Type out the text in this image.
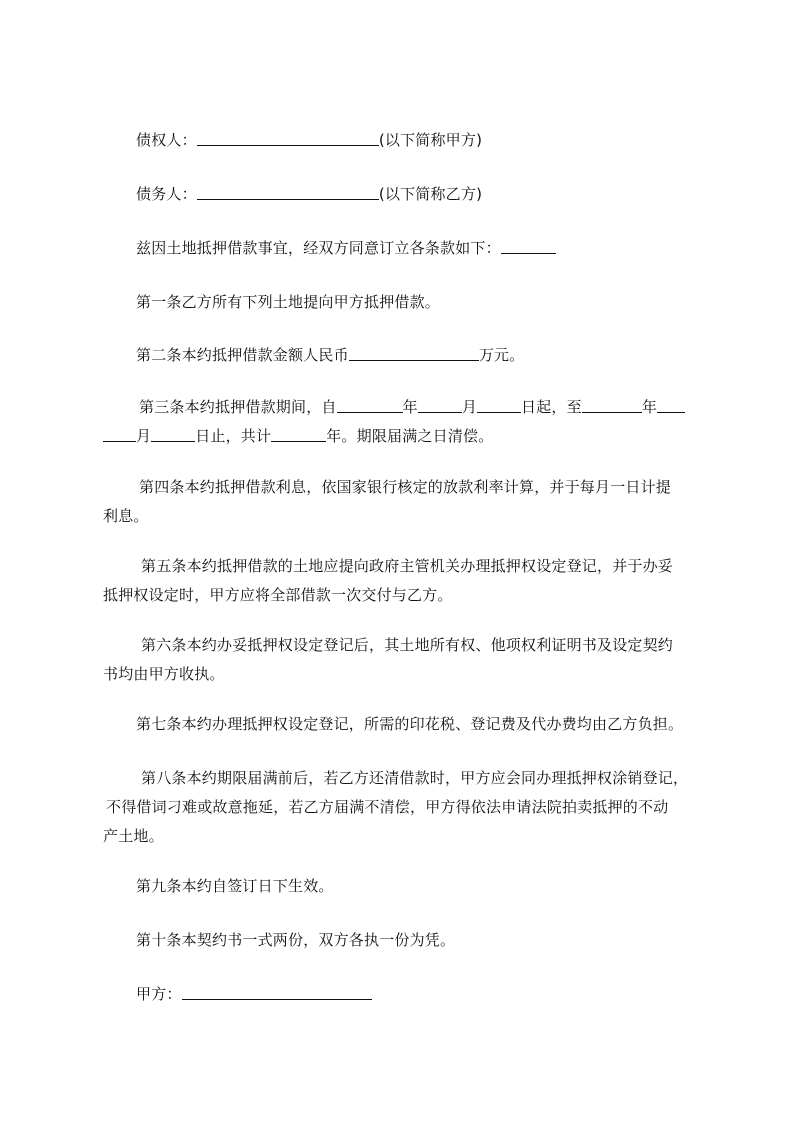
债权人：	(以下简称甲方)
债务人：	(以下简称乙方)
兹因土地抵押借款事宜，经双方同意订立各条款如下：
第一条乙方所有下列土地提向甲方抵押借款。
第二条本约抵押借款金额人民币	万元。
第三条本约抵押借款期间，自	年	月	日起，至	年
月	日止，共计	年。期限届满之日清偿。
第四条本约抵押借款利息，依国家银行核定的放款利率计算，并于每月一日计提
利息。
第五条本约抵押借款的土地应提向政府主管机关办理抵押权设定登记，并于办妥
抵押权设定时，甲方应将全部借款一次交付与乙方。
第六条本约办妥抵押权设定登记后，其土地所有权、他项权利证明书及设定契约
书均由甲方收执。
第七条本约办理抵押权设定登记，所需的印花税、登记费及代办费均由乙方负担。
第八条本约期限届满前后，若乙方还清借款时，甲方应会同办理抵押权涂销登记，
不得借词刁难或故意拖延，若乙方届满不清偿，甲方得依法申请法院拍卖抵押的不动
产土地。
第九条本约自签订日下生效。
第十条本契约书一式两份，双方各执一份为凭。
甲方：
